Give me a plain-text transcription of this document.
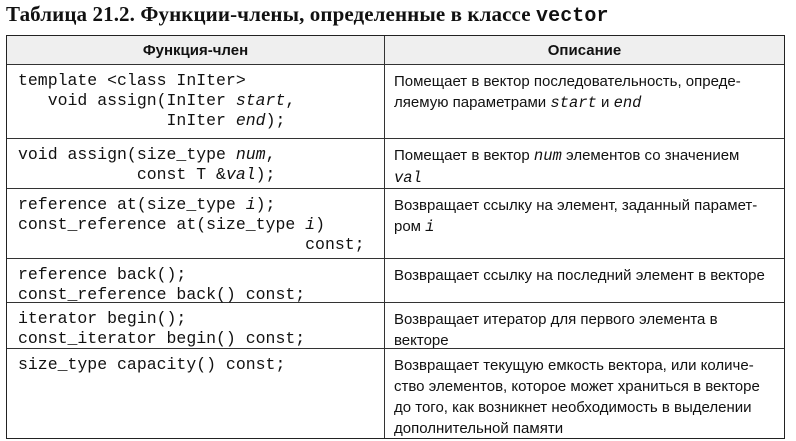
Таблица 21.2. Функции-члены, определенные в классе vector
Функция-член	Описание
template <class InIter>
void assign(InIter start,
InIter end);
Помещает в вектор последовательность, опреде-
ляемую параметрами start и end
void assign(size_type num,
const T &val);
Помещает в вектор num элементов со значением
val
reference at(size_type i);
const_reference at(size_type i)
const;
Возвращает ссылку на элемент, заданный парамет-
ром i
reference back();
const_reference back() const;
Возвращает ссылку на последний элемент в векторе
iterator begin();
const_iterator begin() const;
Возвращает итератор для первого элемента в векторе
size_type capacity() const;	Возвращает текущую емкость вектора, или количе-
ство элементов, которое может храниться в векторе
до того, как возникнет необходимость в выделении
дополнительной памяти
